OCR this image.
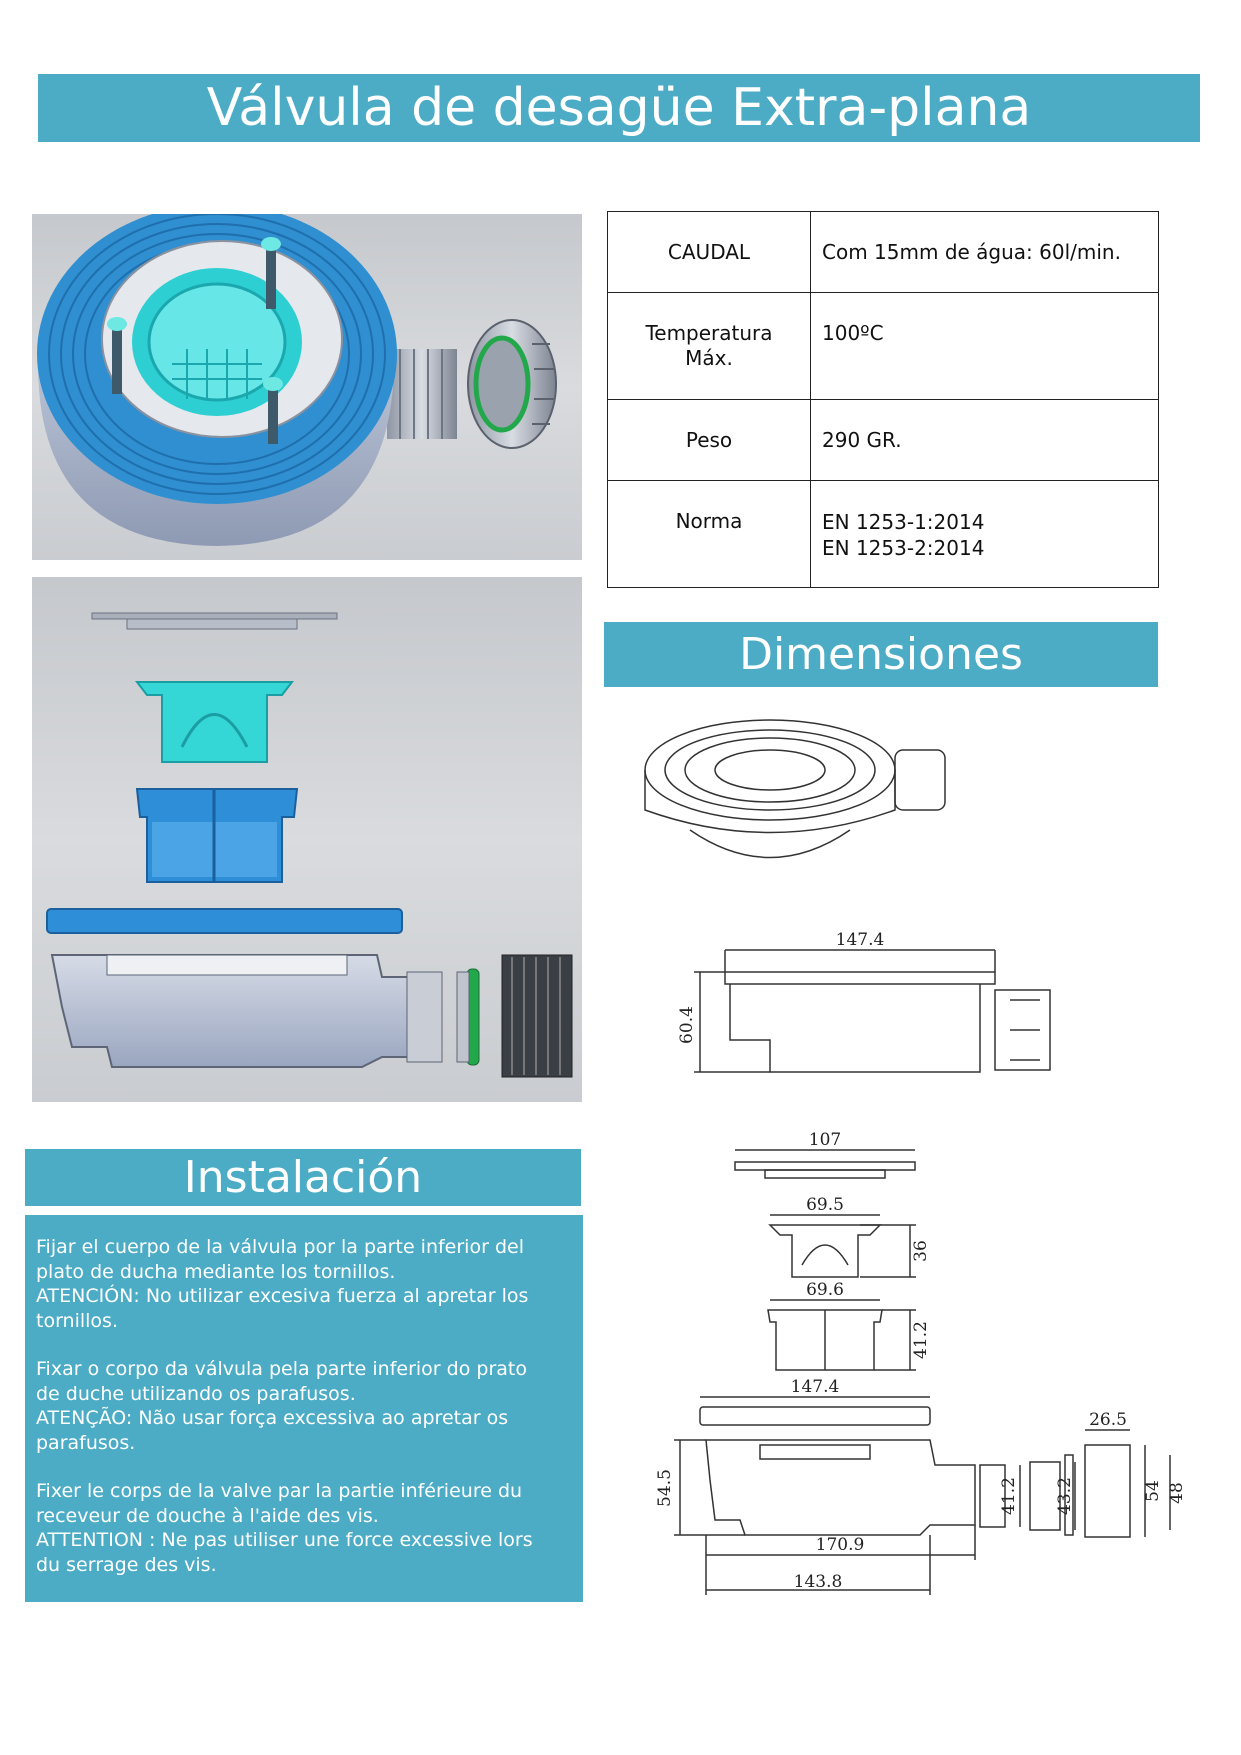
Válvula de desagüe Extra-plana
CAUDAL	Com 15mm de água: 60l/min.

Temperatura Máx.	100ºC
Peso	290 GR.
Norma	EN 1253-1:2014
EN 1253-2:2014
Dimensiones
147.4
60.4
107
69.5
36
69.6
41.2
147.4
54.5
170.9
143.8
41.2 43.2
26.5
54 48
Instalación

Fijar el cuerpo de la válvula por la parte inferior del
plato de ducha mediante los tornillos.
ATENCIÓN: No utilizar excesiva fuerza al apretar los
tornillos.

Fixar o corpo da válvula pela parte inferior do prato
de duche utilizando os parafusos.
ATENÇÃO: Não usar força excessiva ao apretar os
parafusos.

Fixer le corps de la valve par la partie inférieure du
receveur de douche à l'aide des vis.
ATTENTION : Ne pas utiliser une force excessive lors
du serrage des vis.
